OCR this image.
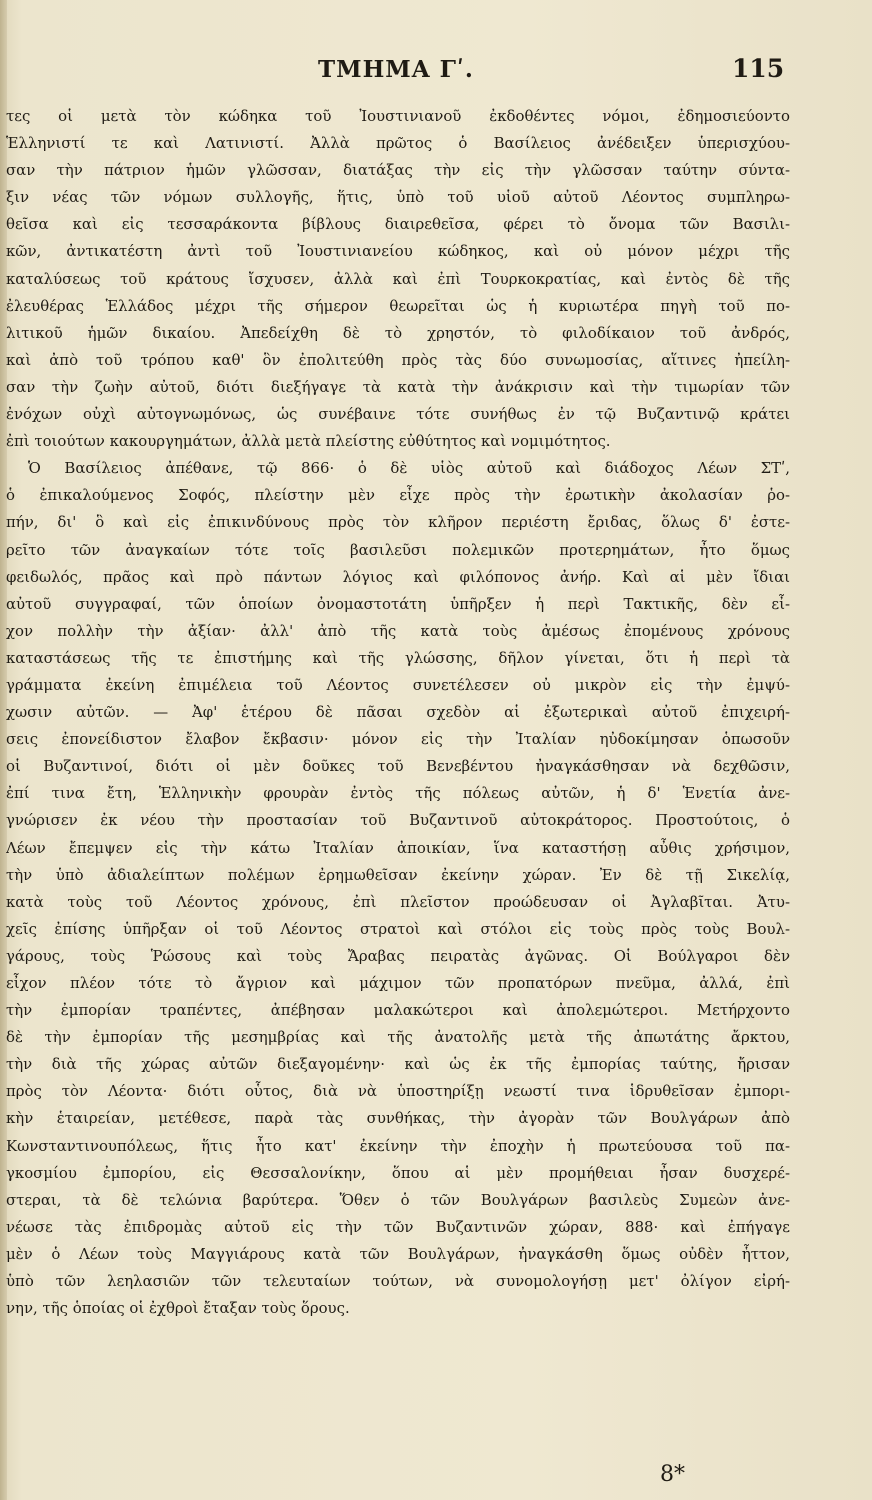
ΤΜΗΜΑ Γʹ.	115
τες οἱ μετὰ τὸν κώδηκα τοῦ Ἰουστινιανοῦ ἐκδοθέντες νόμοι, ἐδημοσιεύοντο
Ἑλληνιστί τε καὶ Λατινιστί. Ἀλλὰ πρῶτος ὁ Βασίλειος ἀνέδειξεν ὑπερισχύου-
σαν τὴν πάτριον ἡμῶν γλῶσσαν, διατάξας τὴν εἰς τὴν γλῶσσαν ταύτην σύντα-
ξιν νέας τῶν νόμων συλλογῆς, ἥτις, ὑπὸ τοῦ υἱοῦ αὐτοῦ Λέοντος συμπληρω-
θεῖσα καὶ εἰς τεσσαράκοντα βίβλους διαιρεθεῖσα, φέρει τὸ ὄνομα τῶν Βασιλι-
κῶν, ἀντικατέστη ἀντὶ τοῦ Ἰουστινιανείου κώδηκος, καὶ οὐ μόνον μέχρι τῆς
καταλύσεως τοῦ κράτους ἴσχυσεν, ἀλλὰ καὶ ἐπὶ Τουρκοκρατίας, καὶ ἐντὸς δὲ τῆς
ἐλευθέρας Ἑλλάδος μέχρι τῆς σήμερον θεωρεῖται ὡς ἡ κυριωτέρα πηγὴ τοῦ πο-
λιτικοῦ ἡμῶν δικαίου. Ἀπεδείχθη δὲ τὸ χρηστόν, τὸ φιλοδίκαιον τοῦ ἀνδρός,
καὶ ἀπὸ τοῦ τρόπου καθ' ὃν ἐπολιτεύθη πρὸς τὰς δύο συνωμοσίας, αἵτινες ἠπείλη-
σαν τὴν ζωὴν αὐτοῦ, διότι διεξήγαγε τὰ κατὰ τὴν ἀνάκρισιν καὶ τὴν τιμωρίαν τῶν
ἐνόχων οὐχὶ αὐτογνωμόνως, ὡς συνέβαινε τότε συνήθως ἐν τῷ Βυζαντινῷ κράτει
ἐπὶ τοιούτων κακουργημάτων, ἀλλὰ μετὰ πλείστης εὐθύτητος καὶ νομιμότητος.
Ὁ Βασίλειος ἀπέθανε, τῷ 866· ὁ δὲ υἱὸς αὐτοῦ καὶ διάδοχος Λέων ΣΤʹ,
ὁ ἐπικαλούμενος Σοφός, πλείστην μὲν εἶχε πρὸς τὴν ἐρωτικὴν ἀκολασίαν ῥο-
πήν, δι' ὃ καὶ εἰς ἐπικινδύνους πρὸς τὸν κλῆρον περιέστη ἔριδας, ὅλως δ' ἐστε-
ρεῖτο τῶν ἀναγκαίων τότε τοῖς βασιλεῦσι πολεμικῶν προτερημάτων, ἦτο ὅμως
φειδωλός, πρᾶος καὶ πρὸ πάντων λόγιος καὶ φιλόπονος ἀνήρ. Καὶ αἱ μὲν ἴδιαι
αὐτοῦ συγγραφαί, τῶν ὁποίων ὀνομαστοτάτη ὑπῆρξεν ἡ περὶ Τακτικῆς, δὲν εἶ-
χον πολλὴν τὴν ἀξίαν· ἀλλ' ἀπὸ τῆς κατὰ τοὺς ἀμέσως ἐπομένους χρόνους
καταστάσεως τῆς τε ἐπιστήμης καὶ τῆς γλώσσης, δῆλον γίνεται, ὅτι ἡ περὶ τὰ
γράμματα ἐκείνη ἐπιμέλεια τοῦ Λέοντος συνετέλεσεν οὐ μικρὸν εἰς τὴν ἐμψύ-
χωσιν αὐτῶν. — Ἀφ' ἑτέρου δὲ πᾶσαι σχεδὸν αἱ ἐξωτερικαὶ αὐτοῦ ἐπιχειρή-
σεις ἐπονείδιστον ἔλαβον ἔκβασιν· μόνον εἰς τὴν Ἰταλίαν ηὐδοκίμησαν ὁπωσοῦν
οἱ Βυζαντινοί, διότι οἱ μὲν δοῦκες τοῦ Βενεβέντου ἠναγκάσθησαν νὰ δεχθῶσιν,
ἐπί τινα ἔτη, Ἑλληνικὴν φρουρὰν ἐντὸς τῆς πόλεως αὐτῶν, ἡ δ' Ἑνετία ἀνε-
γνώρισεν ἐκ νέου τὴν προστασίαν τοῦ Βυζαντινοῦ αὐτοκράτορος. Προστούτοις, ὁ
Λέων ἔπεμψεν εἰς τὴν κάτω Ἰταλίαν ἀποικίαν, ἵνα καταστήσῃ αὖθις χρήσιμον,
τὴν ὑπὸ ἀδιαλείπτων πολέμων ἐρημωθεῖσαν ἐκείνην χώραν. Ἐν δὲ τῇ Σικελίᾳ,
κατὰ τοὺς τοῦ Λέοντος χρόνους, ἐπὶ πλεῖστον προώδευσαν οἱ Ἀγλαβῖται. Ἀτυ-
χεῖς ἐπίσης ὑπῆρξαν οἱ τοῦ Λέοντος στρατοὶ καὶ στόλοι εἰς τοὺς πρὸς τοὺς Βουλ-
γάρους, τοὺς Ῥώσους καὶ τοὺς Ἄραβας πειρατὰς ἀγῶνας. Οἱ Βούλγαροι δὲν
εἶχον πλέον τότε τὸ ἄγριον καὶ μάχιμον τῶν προπατόρων πνεῦμα, ἀλλά, ἐπὶ
τὴν ἐμπορίαν τραπέντες, ἀπέβησαν μαλακώτεροι καὶ ἀπολεμώτεροι. Μετήρχοντο
δὲ τὴν ἐμπορίαν τῆς μεσημβρίας καὶ τῆς ἀνατολῆς μετὰ τῆς ἀπωτάτης ἄρκτου,
τὴν διὰ τῆς χώρας αὐτῶν διεξαγομένην· καὶ ὡς ἐκ τῆς ἐμπορίας ταύτης, ἤρισαν
πρὸς τὸν Λέοντα· διότι οὗτος, διὰ νὰ ὑποστηρίξῃ νεωστί τινα ἱδρυθεῖσαν ἐμπορι-
κὴν ἑταιρείαν, μετέθεσε, παρὰ τὰς συνθήκας, τὴν ἀγορὰν τῶν Βουλγάρων ἀπὸ
Κωνσταντινουπόλεως, ἥτις ἦτο κατ' ἐκείνην τὴν ἐποχὴν ἡ πρωτεύουσα τοῦ πα-
γκοσμίου ἐμπορίου, εἰς Θεσσαλονίκην, ὅπου αἱ μὲν προμήθειαι ἦσαν δυσχερέ-
στεραι, τὰ δὲ τελώνια βαρύτερα. Ὅθεν ὁ τῶν Βουλγάρων βασιλεὺς Συμεὼν ἀνε-
νέωσε τὰς ἐπιδρομὰς αὐτοῦ εἰς τὴν τῶν Βυζαντινῶν χώραν, 888· καὶ ἐπήγαγε
μὲν ὁ Λέων τοὺς Μαγγιάρους κατὰ τῶν Βουλγάρων, ἠναγκάσθη ὅμως οὐδὲν ἧττον,
ὑπὸ τῶν λεηλασιῶν τῶν τελευταίων τούτων, νὰ συνομολογήσῃ μετ' ὀλίγον εἰρή-
νην, τῆς ὁποίας οἱ ἐχθροὶ ἔταξαν τοὺς ὅρους.
8*
